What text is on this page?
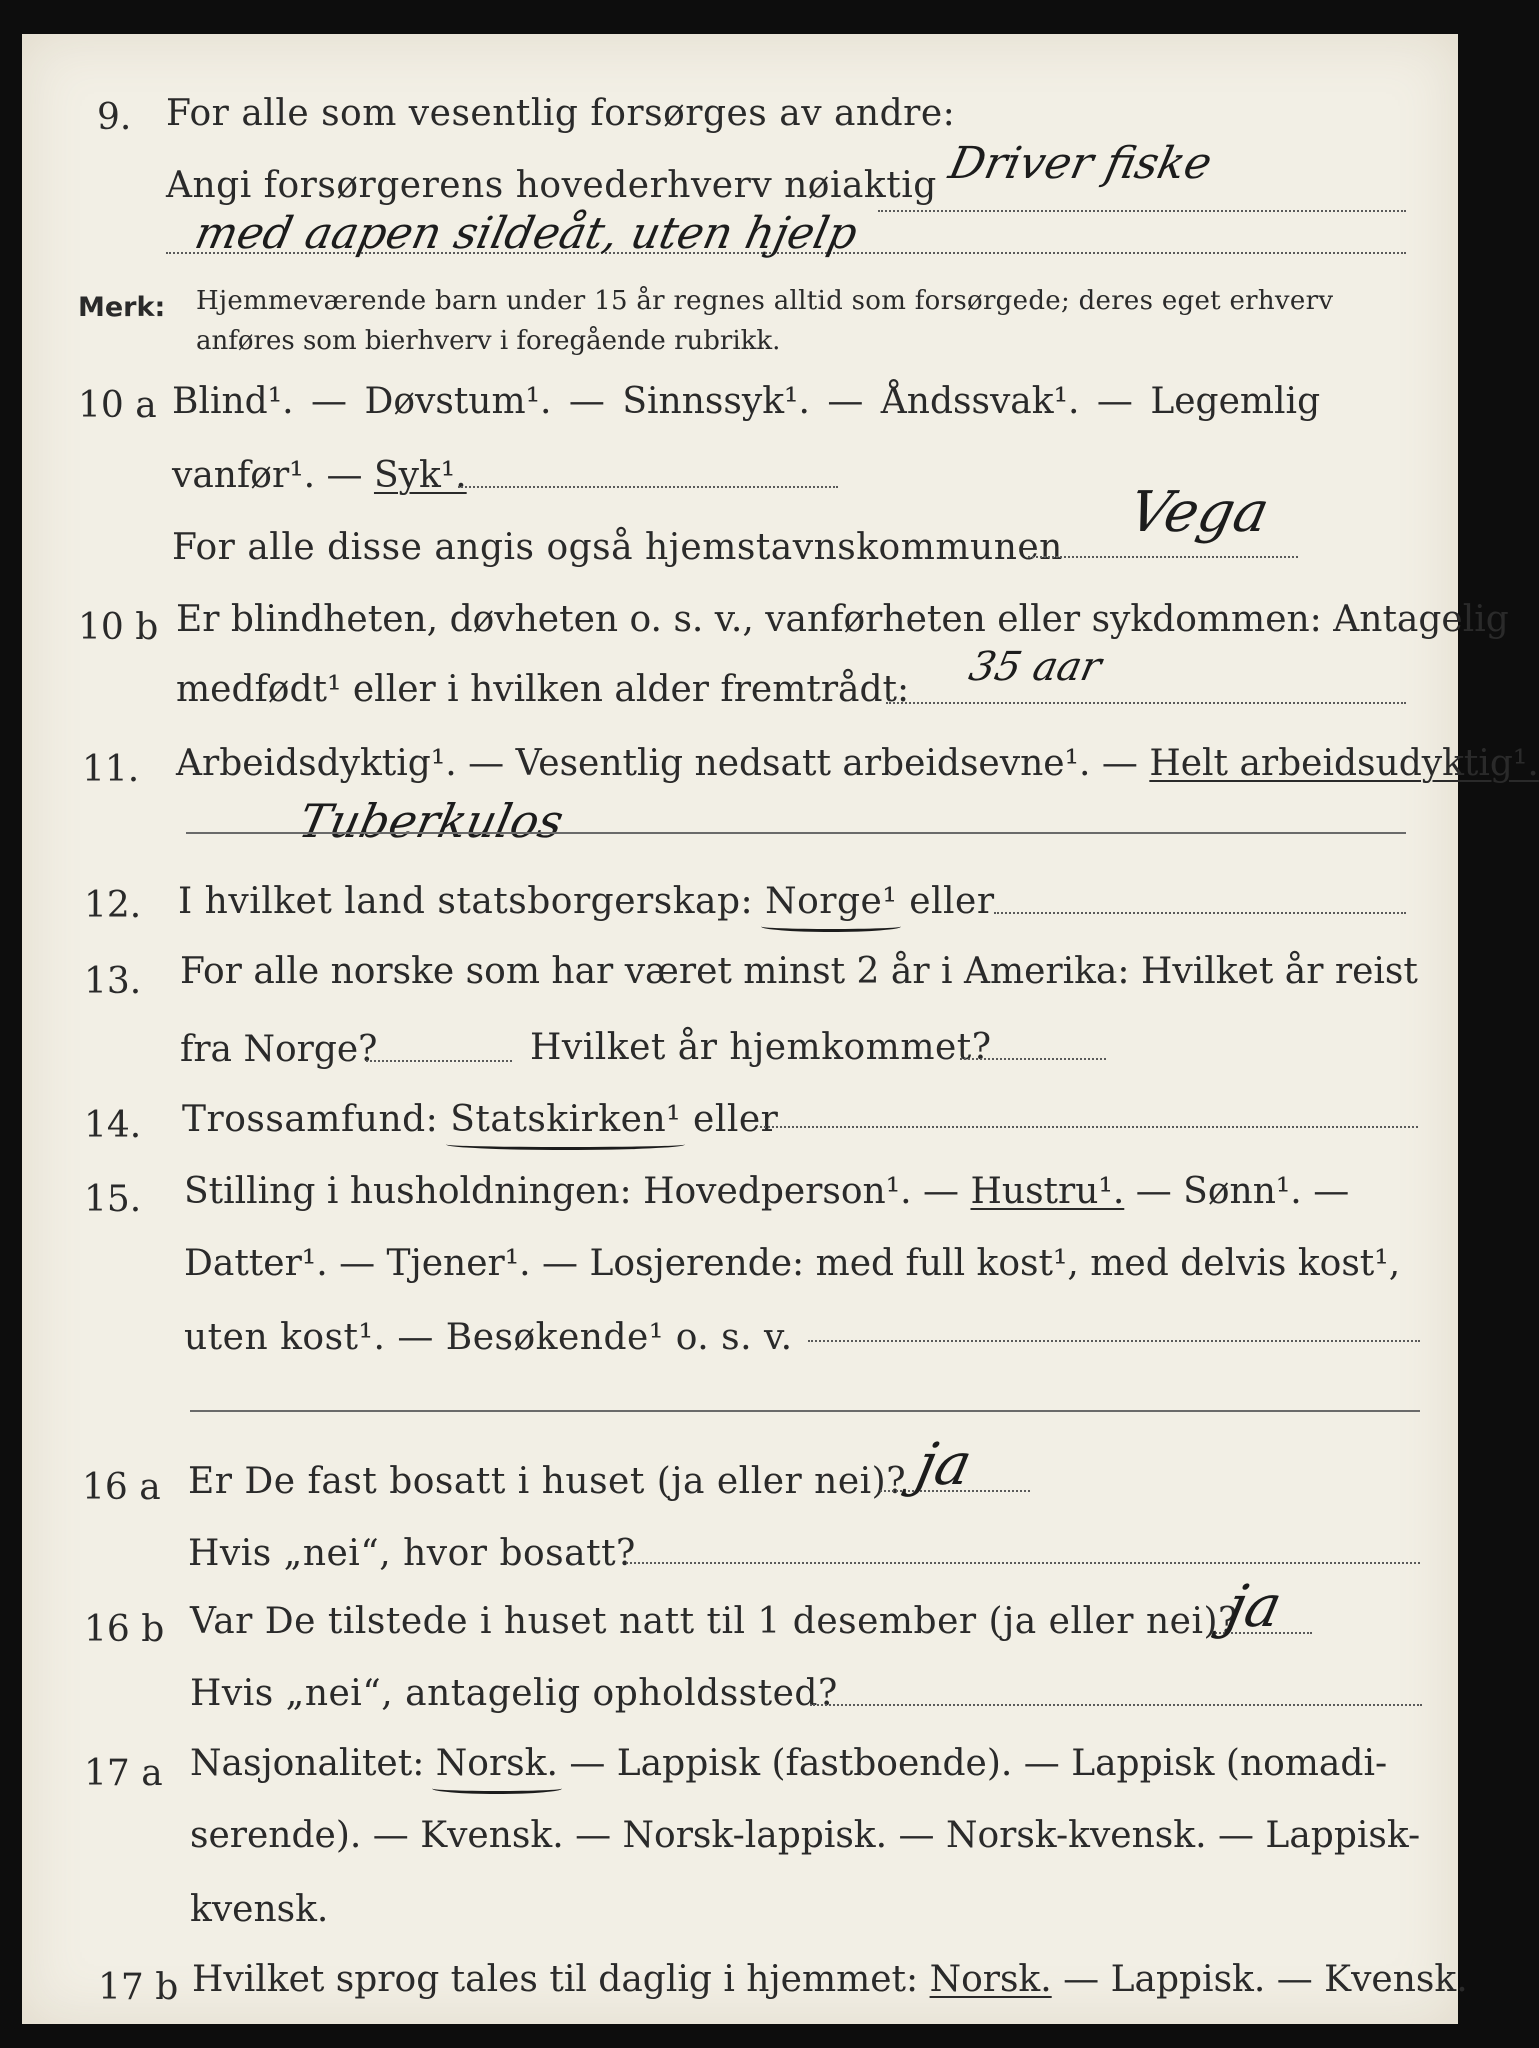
9. For alle som vesentlig forsørges av andre:
Angi forsørgerens hovederhverv nøiaktig Driver fiske
med aapen sildeåt, uten hjelp
Merk: Hjemmeværende barn under 15 år regnes alltid som forsørgede; deres eget erhverv
anføres som bierhverv i foregående rubrikk.
10 a Blind¹. — Døvstum¹. — Sinnssyk¹. — Åndssvak¹. — Legemlig
vanfør¹. — Syk¹.
For alle disse angis også hjemstavnskommunen
Vega
10 b Er blindheten, døvheten o. s. v., vanførheten eller sykdommen: Antagelig
medfødt¹ eller i hvilken alder fremtrådt: 35 aar
11. Arbeidsdyktig¹. — Vesentlig nedsatt arbeidsevne¹. — Helt arbeidsudyktig¹.
Tuberkulos
12. I hvilket land statsborgerskap: Norge¹ eller
13. For alle norske som har været minst 2 år i Amerika: Hvilket år reist
fra Norge?	Hvilket år hjemkommet?
14. Trossamfund: Statskirken¹ eller
15. Stilling i husholdningen: Hovedperson¹. — Hustru¹. — Sønn¹. —
Datter¹. — Tjener¹. — Losjerende: med full kost¹, med delvis kost¹,
uten kost¹. — Besøkende¹ o. s. v.
16 a Er De fast bosatt i huset (ja eller nei)? ja
Hvis „nei“, hvor bosatt?
16 b Var De tilstede i huset natt til 1 desember (ja eller nei)?
ja
Hvis „nei“, antagelig opholdssted?
17 a Nasjonalitet: Norsk. — Lappisk (fastboende). — Lappisk (nomadi-
serende). — Kvensk. — Norsk-lappisk. — Norsk-kvensk. — Lappisk-
kvensk.
17 b Hvilket sprog tales til daglig i hjemmet: Norsk. — Lappisk. — Kvensk.
